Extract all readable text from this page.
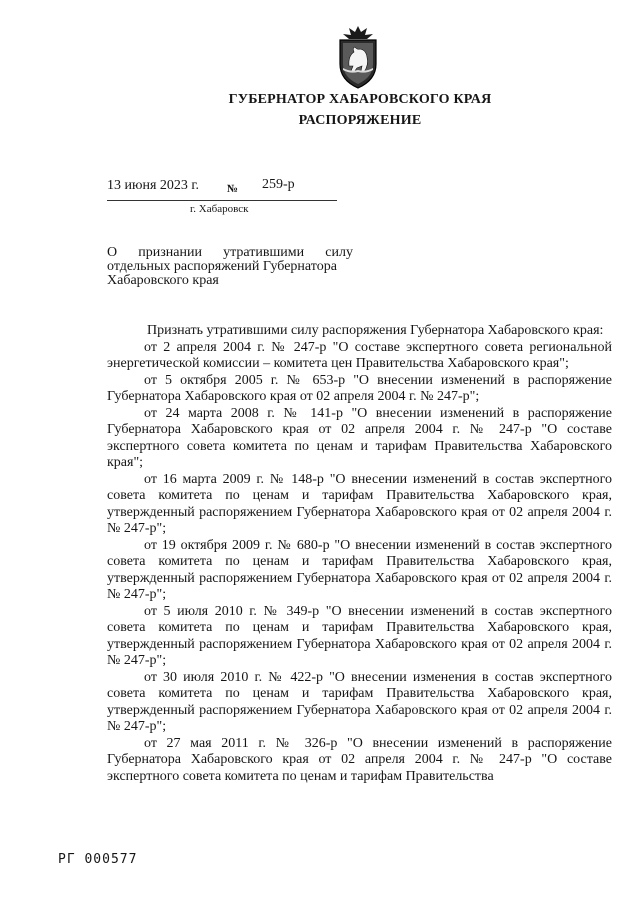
ГУБЕРНАТОР ХАБАРОВСКОГО КРАЯ
РАСПОРЯЖЕНИЕ
13 июня 2023 г.	№ 259-р
г. Хабаровск
О признании утратившими силу
отдельных распоряжений Губернатора
Хабаровского края

Признать утратившими силу распоряжения Губернатора Хабаровского края:

от 2 апреля 2004 г. № 247-р "О составе экспертного совета региональной энергетической комиссии – комитета цен Правительства Хабаровского края";

от 5 октября 2005 г. № 653-р "О внесении изменений в распоряжение Губернатора Хабаровского края от 02 апреля 2004 г. № 247-р";

от 24 марта 2008 г. № 141-р "О внесении изменений в распоряжение Губернатора Хабаровского края от 02 апреля 2004 г. № 247-р "О составе экспертного совета комитета по ценам и тарифам Правительства Хабаровского края";

от 16 марта 2009 г. № 148-р "О внесении изменений в состав экспертного совета комитета по ценам и тарифам Правительства Хабаровского края, утвержденный распоряжением Губернатора Хабаровского края от 02 апреля 2004 г. № 247-р";

от 19 октября 2009 г. № 680-р "О внесении изменений в состав экспертного совета комитета по ценам и тарифам Правительства Хабаровского края, утвержденный распоряжением Губернатора Хабаровского края от 02 апреля 2004 г. № 247-р";

от 5 июля 2010 г. № 349-р "О внесении изменений в состав экспертного совета комитета по ценам и тарифам Правительства Хабаровского края, утвержденный распоряжением Губернатора Хабаровского края от 02 апреля 2004 г. № 247-р";

от 30 июля 2010 г. № 422-р "О внесении изменения в состав экспертного совета комитета по ценам и тарифам Правительства Хабаровского края, утвержденный распоряжением Губернатора Хабаровского края от 02 апреля 2004 г. № 247-р";

от 27 мая 2011 г. № 326-р "О внесении изменений в распоряжение Губернатора Хабаровского края от 02 апреля 2004 г. № 247-р "О составе экспертного совета комитета по ценам и тарифам Правительства

РГ 000577
